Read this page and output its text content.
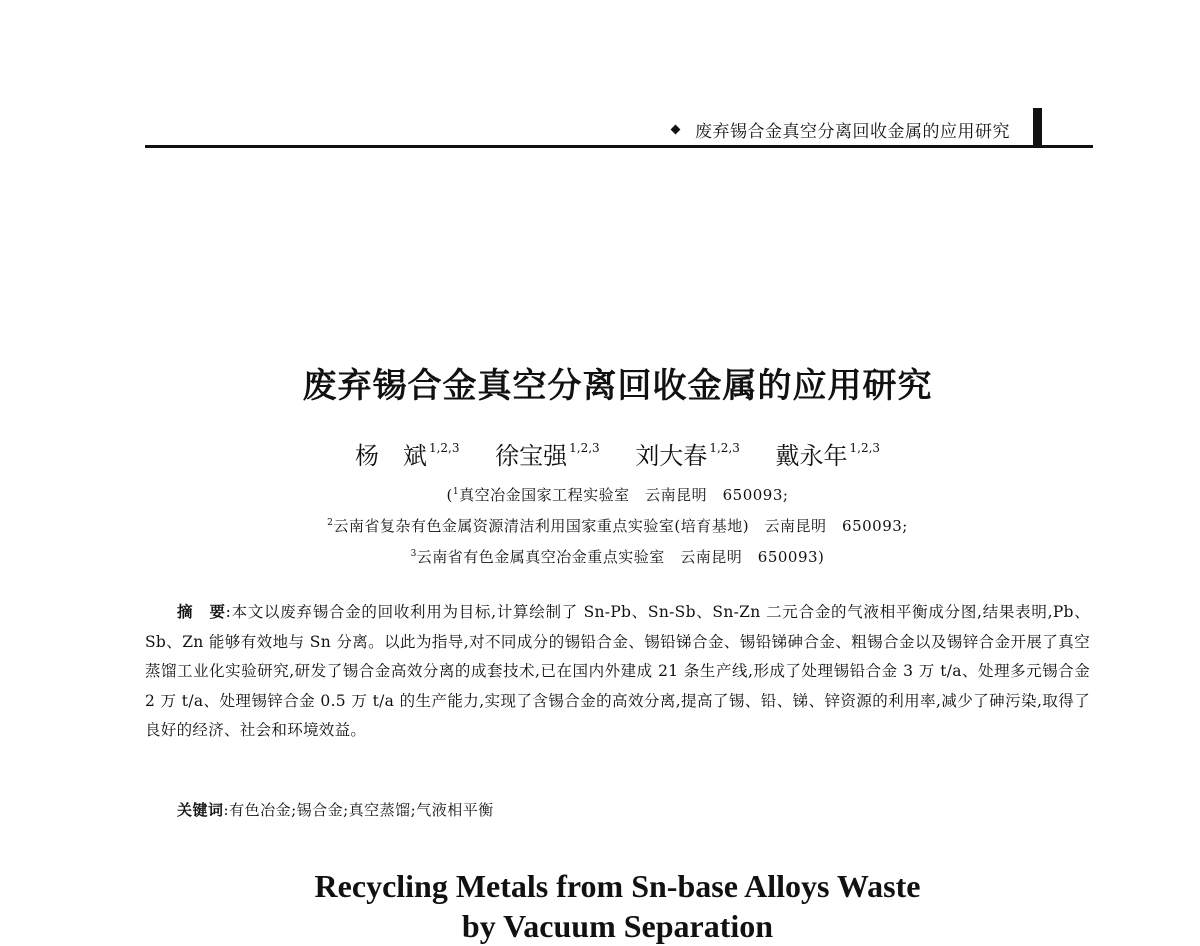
废弃锡合金真空分离回收金属的应用研究
废弃锡合金真空分离回收金属的应用研究
杨　斌 $^{1,2,3}$ 徐宝强 $^{1,2,3}$ 刘大春 $^{1,2,3}$ 戴永年 $^{1,2,3}$
($^1$真空冶金国家工程实验室　云南昆明　650093;
$^2$云南省复杂有色金属资源清洁利用国家重点实验室(培育基地)　云南昆明　650093;
$^3$云南省有色金属真空冶金重点实验室　云南昆明　650093)
摘　要:本文以废弃锡合金的回收利用为目标,计算绘制了 Sn-Pb、Sn-Sb、Sn-Zn 二元合金的气液相平衡成分图,结果表明,Pb、Sb、Zn 能够有效地与 Sn 分离。以此为指导,对不同成分的锡铅合金、锡铅锑合金、锡铅锑砷合金、粗锡合金以及锡锌合金开展了真空蒸馏工业化实验研究,研发了锡合金高效分离的成套技术,已在国内外建成 21 条生产线,形成了处理锡铅合金 3 万 t/a、处理多元锡合金 2 万 t/a、处理锡锌合金 0.5 万 t/a 的生产能力,实现了含锡合金的高效分离,提高了锡、铅、锑、锌资源的利用率,减少了砷污染,取得了良好的经济、社会和环境效益。
关键词:有色冶金;锡合金;真空蒸馏;气液相平衡
Recycling Metals from Sn-base Alloys Waste
by Vacuum Separation
